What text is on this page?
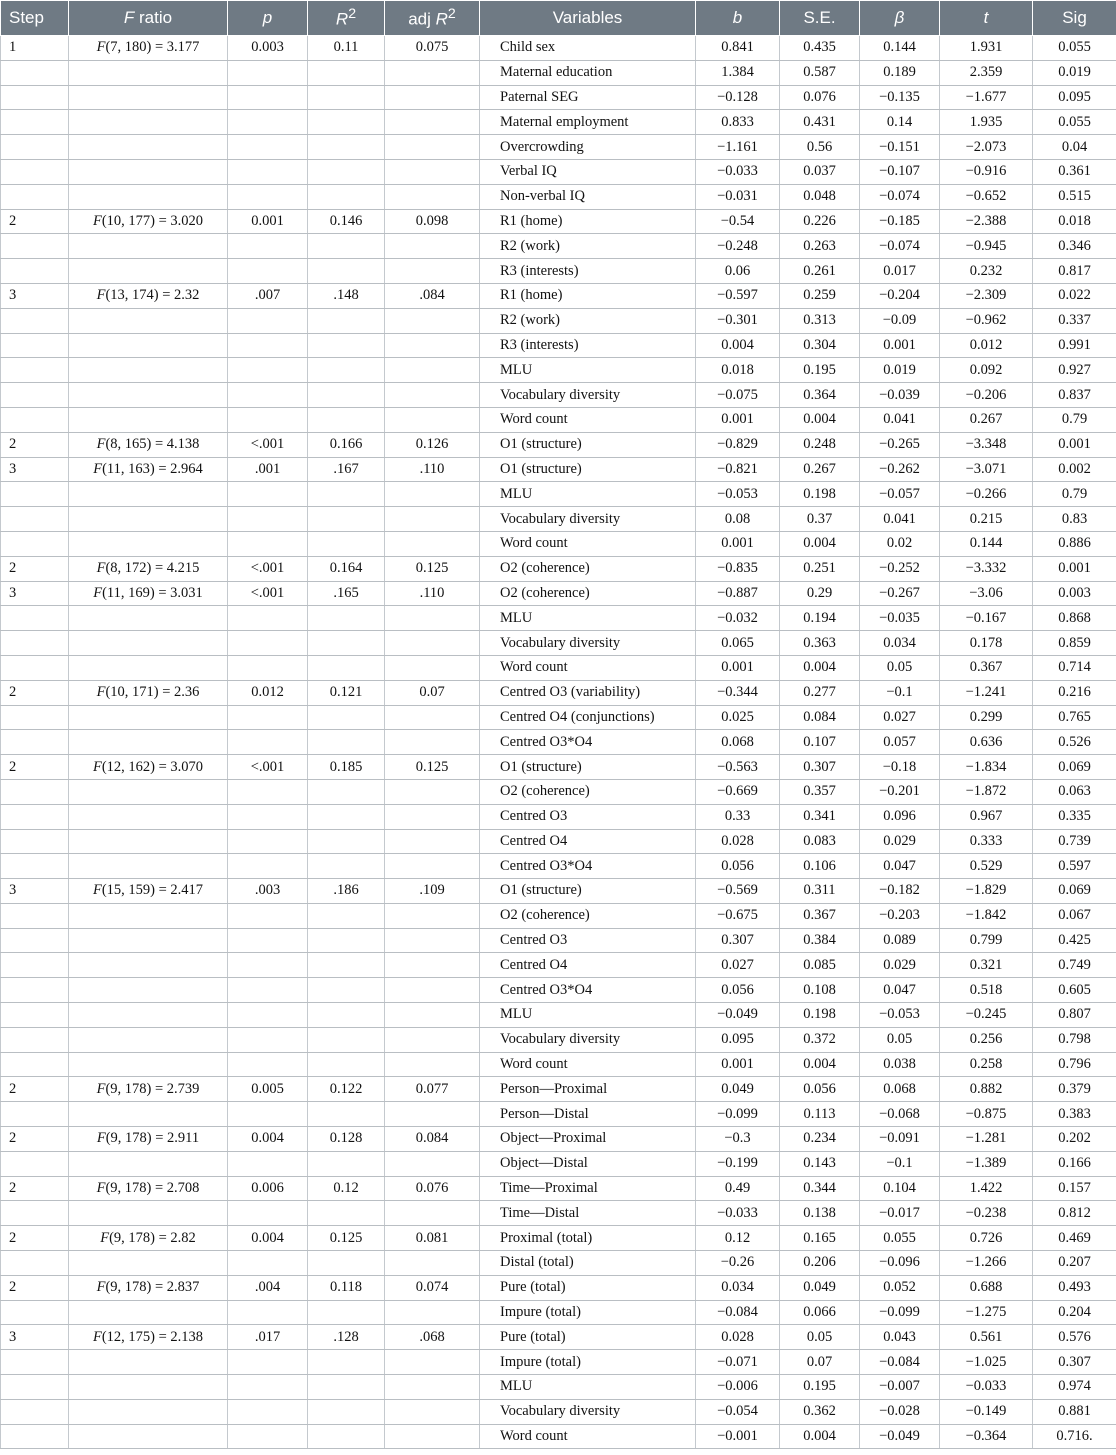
Step	F ratio	p	$R^2$	adj $R^2$	Variables	b	S.E.	β	t	Sig
1	F(7, 180) = 3.177	0.003	0.11	0.075	Child sex	0.841	0.435	0.144	1.931	0.055
					Maternal education	1.384	0.587	0.189	2.359	0.019
					Paternal SEG	−0.128	0.076	−0.135	−1.677	0.095
					Maternal employment	0.833	0.431	0.14	1.935	0.055
					Overcrowding	−1.161	0.56	−0.151	−2.073	0.04
					Verbal IQ	−0.033	0.037	−0.107	−0.916	0.361
					Non-verbal IQ	−0.031	0.048	−0.074	−0.652	0.515
2	F(10, 177) = 3.020	0.001	0.146	0.098	R1 (home)	−0.54	0.226	−0.185	−2.388	0.018
					R2 (work)	−0.248	0.263	−0.074	−0.945	0.346
					R3 (interests)	0.06	0.261	0.017	0.232	0.817
3	F(13, 174) = 2.32	.007	.148	.084	R1 (home)	−0.597	0.259	−0.204	−2.309	0.022
					R2 (work)	−0.301	0.313	−0.09	−0.962	0.337
					R3 (interests)	0.004	0.304	0.001	0.012	0.991
					MLU	0.018	0.195	0.019	0.092	0.927
					Vocabulary diversity	−0.075	0.364	−0.039	−0.206	0.837
					Word count	0.001	0.004	0.041	0.267	0.79
2	F(8, 165) = 4.138	<.001	0.166	0.126	O1 (structure)	−0.829	0.248	−0.265	−3.348	0.001
3	F(11, 163) = 2.964	.001	.167	.110	O1 (structure)	−0.821	0.267	−0.262	−3.071	0.002
					MLU	−0.053	0.198	−0.057	−0.266	0.79
					Vocabulary diversity	0.08	0.37	0.041	0.215	0.83
					Word count	0.001	0.004	0.02	0.144	0.886
2	F(8, 172) = 4.215	<.001	0.164	0.125	O2 (coherence)	−0.835	0.251	−0.252	−3.332	0.001
3	F(11, 169) = 3.031	<.001	.165	.110	O2 (coherence)	−0.887	0.29	−0.267	−3.06	0.003
					MLU	−0.032	0.194	−0.035	−0.167	0.868
					Vocabulary diversity	0.065	0.363	0.034	0.178	0.859
					Word count	0.001	0.004	0.05	0.367	0.714
2	F(10, 171) = 2.36	0.012	0.121	0.07	Centred O3 (variability)	−0.344	0.277	−0.1	−1.241	0.216
					Centred O4 (conjunctions)	0.025	0.084	0.027	0.299	0.765
					Centred O3*O4	0.068	0.107	0.057	0.636	0.526
2	F(12, 162) = 3.070	<.001	0.185	0.125	O1 (structure)	−0.563	0.307	−0.18	−1.834	0.069
					O2 (coherence)	−0.669	0.357	−0.201	−1.872	0.063
					Centred O3	0.33	0.341	0.096	0.967	0.335
					Centred O4	0.028	0.083	0.029	0.333	0.739
					Centred O3*O4	0.056	0.106	0.047	0.529	0.597
3	F(15, 159) = 2.417	.003	.186	.109	O1 (structure)	−0.569	0.311	−0.182	−1.829	0.069
					O2 (coherence)	−0.675	0.367	−0.203	−1.842	0.067
					Centred O3	0.307	0.384	0.089	0.799	0.425
					Centred O4	0.027	0.085	0.029	0.321	0.749
					Centred O3*O4	0.056	0.108	0.047	0.518	0.605
					MLU	−0.049	0.198	−0.053	−0.245	0.807
					Vocabulary diversity	0.095	0.372	0.05	0.256	0.798
					Word count	0.001	0.004	0.038	0.258	0.796
2	F(9, 178) = 2.739	0.005	0.122	0.077	Person—Proximal	0.049	0.056	0.068	0.882	0.379
					Person—Distal	−0.099	0.113	−0.068	−0.875	0.383
2	F(9, 178) = 2.911	0.004	0.128	0.084	Object—Proximal	−0.3	0.234	−0.091	−1.281	0.202
					Object—Distal	−0.199	0.143	−0.1	−1.389	0.166
2	F(9, 178) = 2.708	0.006	0.12	0.076	Time—Proximal	0.49	0.344	0.104	1.422	0.157
					Time—Distal	−0.033	0.138	−0.017	−0.238	0.812
2	F(9, 178) = 2.82	0.004	0.125	0.081	Proximal (total)	0.12	0.165	0.055	0.726	0.469
					Distal (total)	−0.26	0.206	−0.096	−1.266	0.207
2	F(9, 178) = 2.837	.004	0.118	0.074	Pure (total)	0.034	0.049	0.052	0.688	0.493
					Impure (total)	−0.084	0.066	−0.099	−1.275	0.204
3	F(12, 175) = 2.138	.017	.128	.068	Pure (total)	0.028	0.05	0.043	0.561	0.576
					Impure (total)	−0.071	0.07	−0.084	−1.025	0.307
					MLU	−0.006	0.195	−0.007	−0.033	0.974
					Vocabulary diversity	−0.054	0.362	−0.028	−0.149	0.881
					Word count	−0.001	0.004	−0.049	−0.364	0.716.
